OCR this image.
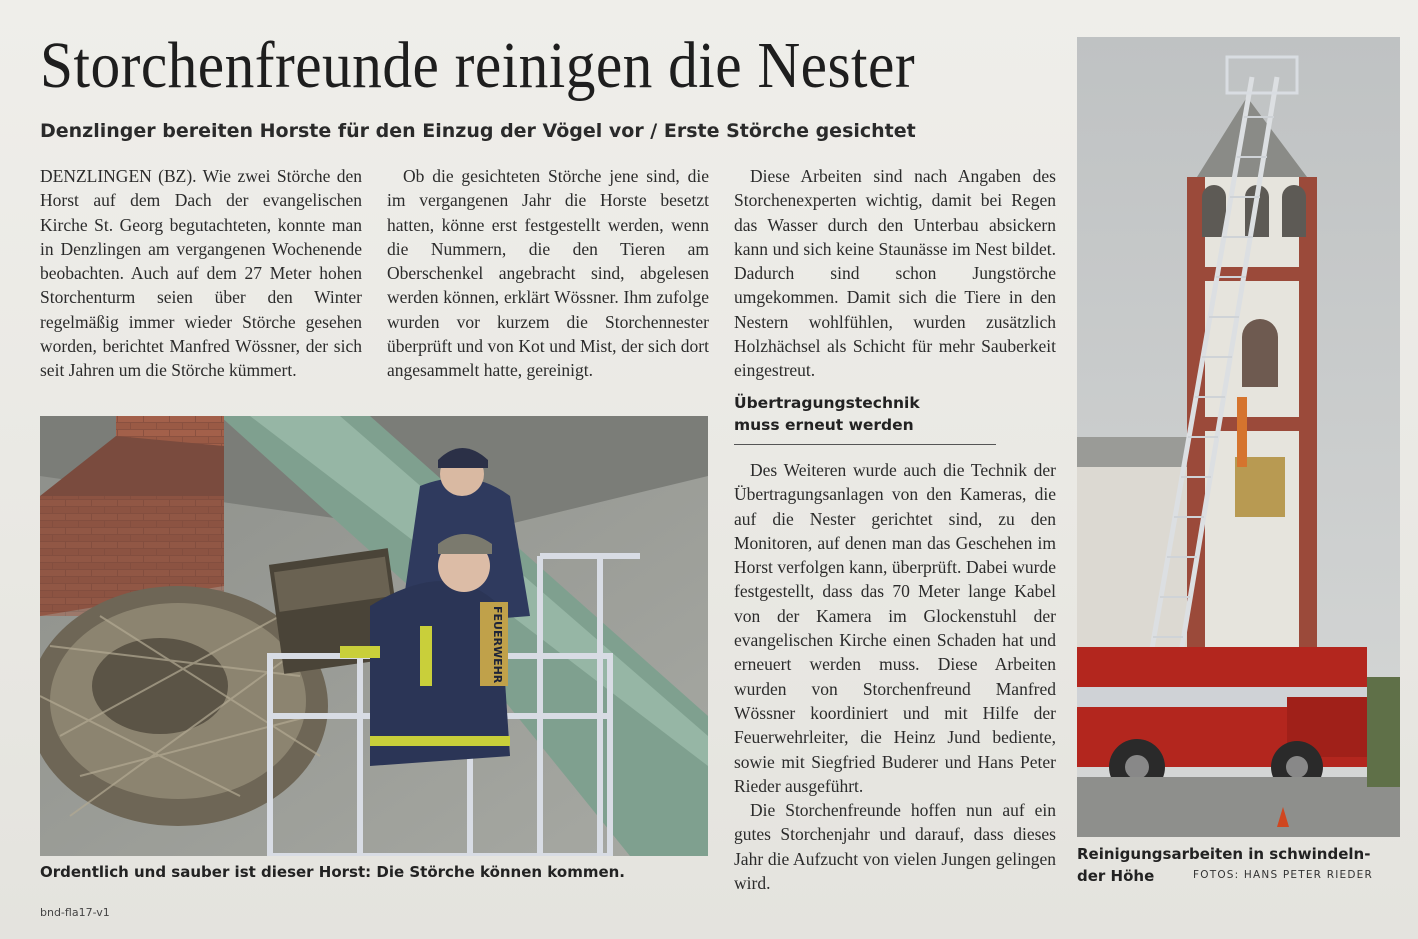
Storchenfreunde reinigen die Nester
Denzlinger bereiten Horste für den Einzug der Vögel vor / Erste Störche gesichtet

DENZLINGEN (BZ). Wie zwei Störche den Horst auf dem Dach der evangelischen Kirche St. Georg begutachteten, konnte man in Denzlingen am vergangenen Wochenende beobachten. Auch auf dem 27 Meter hohen Storchenturm seien über den Winter regelmäßig immer wieder Störche gesehen worden, berichtet Manfred Wössner, der sich seit Jahren um die Störche kümmert.

Ob die gesichteten Störche jene sind, die im vergangenen Jahr die Horste besetzt hatten, könne erst festgestellt werden, wenn die Nummern, die den Tieren am Oberschenkel angebracht sind, abgelesen werden können, erklärt Wössner. Ihm zufolge wurden vor kurzem die Storchennester überprüft und von Kot und Mist, der sich dort angesammelt hatte, gereinigt.

Diese Arbeiten sind nach Angaben des Storchenexperten wichtig, damit bei Regen das Wasser durch den Unterbau absickern kann und sich keine Staunässe im Nest bildet. Dadurch sind schon Jungstörche umgekommen. Damit sich die Tiere in den Nestern wohlfühlen, wurden zusätzlich Holzhächsel als Schicht für mehr Sauberkeit eingestreut.

Übertragungstechnik
muss erneut werden

Des Weiteren wurde auch die Technik der Übertragungsanlagen von den Kameras, die auf die Nester gerichtet sind, zu den Monitoren, auf denen man das Geschehen im Horst verfolgen kann, überprüft. Dabei wurde festgestellt, dass das 70 Meter lange Kabel von der Kamera im Glockenstuhl der evangelischen Kirche einen Schaden hat und erneuert werden muss. Diese Arbeiten wurden von Storchenfreund Manfred Wössner koordiniert und mit Hilfe der Feuerwehrleiter, die Heinz Jund bediente, sowie mit Siegfried Buderer und Hans Peter Rieder ausgeführt.

Die Storchenfreunde hoffen nun auf ein gutes Storchenjahr und darauf, dass dieses Jahr die Aufzucht von vielen Jungen gelingen wird.

FEUERWEHR
Ordentlich und sauber ist dieser Horst: Die Störche können kommen.
Reinigungsarbeiten in schwindeln-
der Höhe	FOTOS: HANS PETER RIEDER
bnd-fla17-v1
